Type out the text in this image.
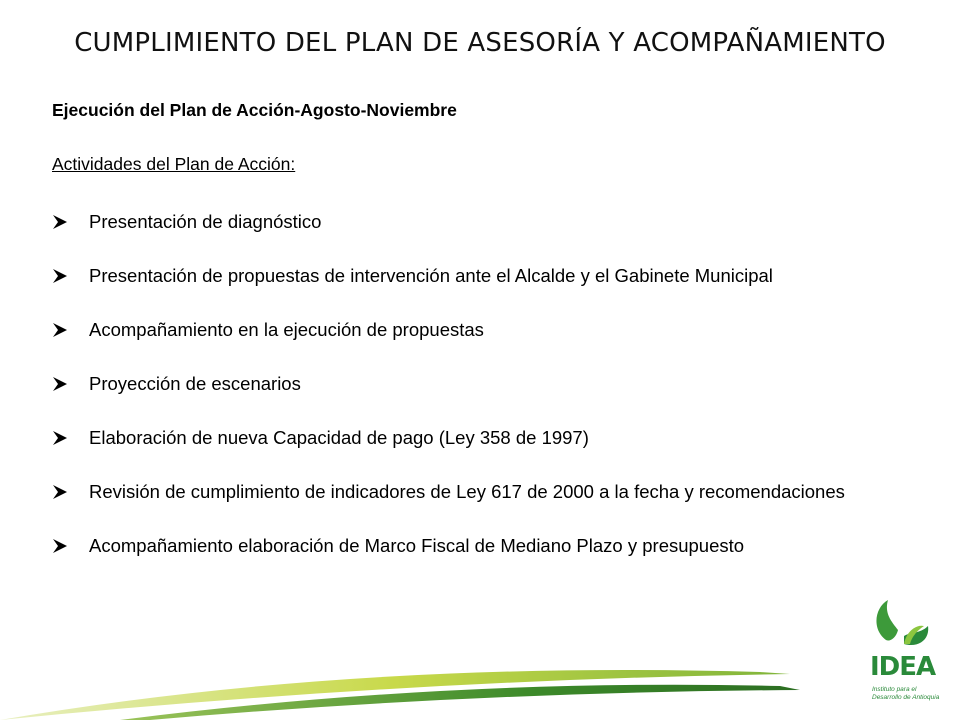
CUMPLIMIENTO DEL PLAN DE ASESORÍA Y ACOMPAÑAMIENTO
Ejecución del Plan de Acción-Agosto-Noviembre
Actividades del Plan de Acción:
Presentación de diagnóstico
Presentación de propuestas de intervención ante el Alcalde y el Gabinete Municipal
Acompañamiento en la ejecución de propuestas
Proyección de escenarios
Elaboración de nueva Capacidad de pago (Ley 358 de 1997)
Revisión de cumplimiento de indicadores de Ley 617 de 2000 a la fecha y recomendaciones
Acompañamiento elaboración de Marco Fiscal de Mediano Plazo y presupuesto
IDEA
Instituto para el Desarrollo de Antioquia
